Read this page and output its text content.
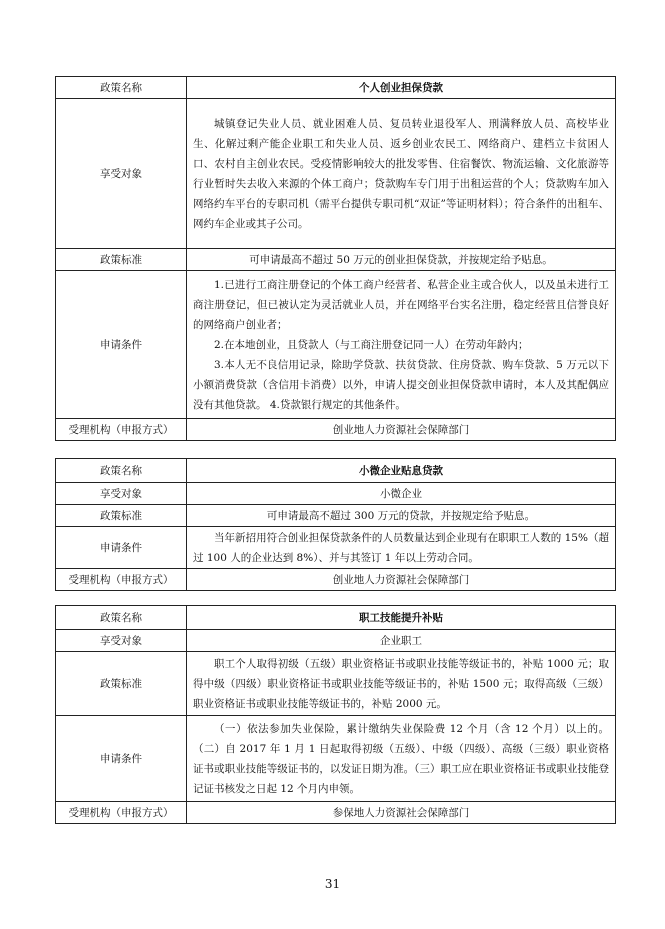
政策名称	个人创业担保贷款
享受对象	城镇登记失业人员、就业困难人员、复员转业退役军人、刑满释放人员、高校毕业生、化解过剩产能企业职工和失业人员、返乡创业农民工、网络商户、建档立卡贫困人口、农村自主创业农民。受疫情影响较大的批发零售、住宿餐饮、物流运输、文化旅游等行业暂时失去收入来源的个体工商户；贷款购车专门用于出租运营的个人；贷款购车加入网络约车平台的专职司机（需平台提供专职司机“双证”等证明材料）；符合条件的出租车、网约车企业或其子公司。

政策标准	可申请最高不超过 50 万元的创业担保贷款，并按规定给予贴息。
申请条件	1.已进行工商注册登记的个体工商户经营者、私营企业主或合伙人，以及虽未进行工商注册登记，但已被认定为灵活就业人员，并在网络平台实名注册，稳定经营且信誉良好的网络商户创业者；

2.在本地创业，且贷款人（与工商注册登记同一人）在劳动年龄内；

3.本人无不良信用记录，除助学贷款、扶贫贷款、住房贷款、购车贷款、5 万元以下小额消费贷款（含信用卡消费）以外，申请人提交创业担保贷款申请时，本人及其配偶应没有其他贷款。 4.贷款银行规定的其他条件。

受理机构（申报方式）	创业地人力资源社会保障部门
政策名称	小微企业贴息贷款
享受对象	小微企业
政策标准	可申请最高不超过 300 万元的贷款，并按规定给予贴息。
申请条件	当年新招用符合创业担保贷款条件的人员数量达到企业现有在职职工人数的 15%（超过 100 人的企业达到 8%）、并与其签订 1 年以上劳动合同。

受理机构（申报方式）	创业地人力资源社会保障部门
政策名称	职工技能提升补贴
享受对象	企业职工
政策标准	职工个人取得初级（五级）职业资格证书或职业技能等级证书的，补贴 1000 元；取得中级（四级）职业资格证书或职业技能等级证书的，补贴 1500 元；取得高级（三级）职业资格证书或职业技能等级证书的，补贴 2000 元。

申请条件	（一）依法参加失业保险，累计缴纳失业保险费 12 个月（含 12 个月）以上的。（二）自 2017 年 1 月 1 日起取得初级（五级）、中级（四级）、高级（三级）职业资格证书或职业技能等级证书的，以发证日期为准。（三）职工应在职业资格证书或职业技能登记证书核发之日起 12 个月内申领。

受理机构（申报方式）	参保地人力资源社会保障部门
31
